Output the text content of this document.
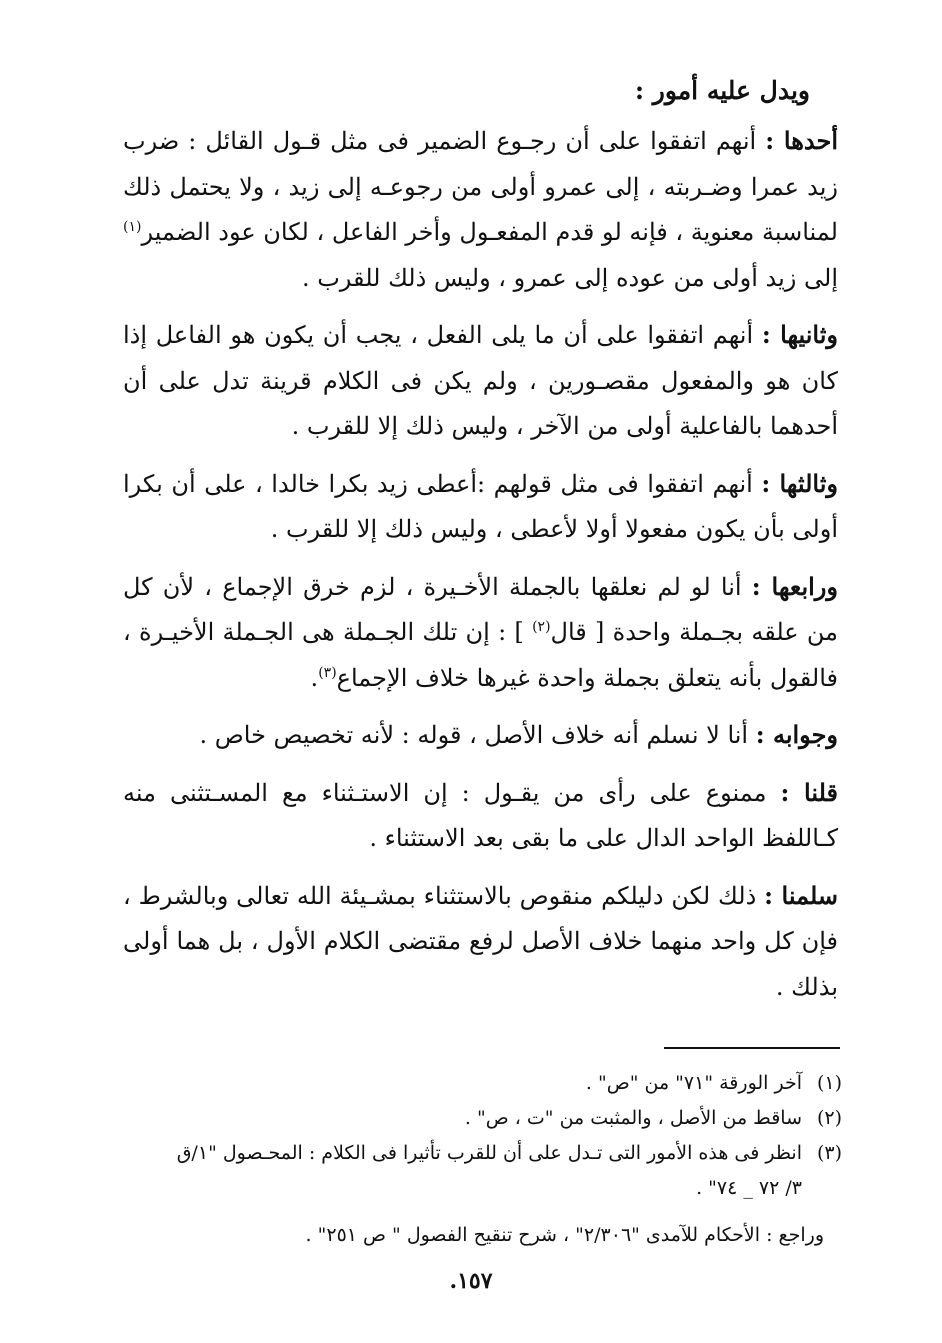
ويدل عليه أمور :

أحدها : أنهم اتفقوا على أن رجـوع الضمير فى مثل قـول القائل : ضرب زيد عمرا وضـربته ، إلى عمرو أولى من رجوعـه إلى زيد ، ولا يحتمل ذلك لمناسبة معنوية ، فإنه لو قدم المفعـول وأخر الفاعل ، لكان عود الضمير$^{(١)}$ إلى زيد أولى من عوده إلى عمرو ، وليس ذلك للقرب .

وثانيها : أنهم اتفقوا على أن ما يلى الفعل ، يجب أن يكون هو الفاعل إذا كان هو والمفعول مقصـورين ، ولم يكن فى الكلام قرينة تدل على أن أحدهما بالفاعلية أولى من الآخر ، وليس ذلك إلا للقرب .

وثالثها : أنهم اتفقوا فى مثل قولهم :أعطى زيد بكرا خالدا ، على أن بكرا أولى بأن يكون مفعولا أولا لأعطى ، وليس ذلك إلا للقرب .

ورابعها : أنا لو لم نعلقها بالجملة الأخـيرة ، لزم خرق الإجماع ، لأن كل من علقه بجـملة واحدة [ قال$^{(٢)}$ ] : إن تلك الجـملة هى الجـملة الأخيـرة ، فالقول بأنه يتعلق بجملة واحدة غيرها خلاف الإجماع$^{(٣)}$.

وجوابه : أنا لا نسلم أنه خلاف الأصل ، قوله : لأنه تخصيص خاص .

قلنا : ممنوع على رأى من يقـول : إن الاستـثناء مع المسـتثنى منه كـاللفظ الواحد الدال على ما بقى بعد الاستثناء .

سلمنا : ذلك لكن دليلكم منقوص بالاستثناء بمشـيئة الله تعالى وبالشرط ، فإن كل واحد منهما خلاف الأصل لرفع مقتضى الكلام الأول ، بل هما أولى بذلك .

(١)
آخر الورقة "٧١" من "ص" .
(٢)
ساقط من الأصل ، والمثبت من "ت ، ص" .
(٣)
انظر فى هذه الأمور التى تـدل على أن للقرب تأثيرا فى الكلام : المحـصول "١/ق
٣/ ٧٢ _ ٧٤" .
وراجع : الأحكام للآمدى "٢/٣٠٦" ، شرح تنقيح الفصول " ص ٢٥١" .
١٥٧.
